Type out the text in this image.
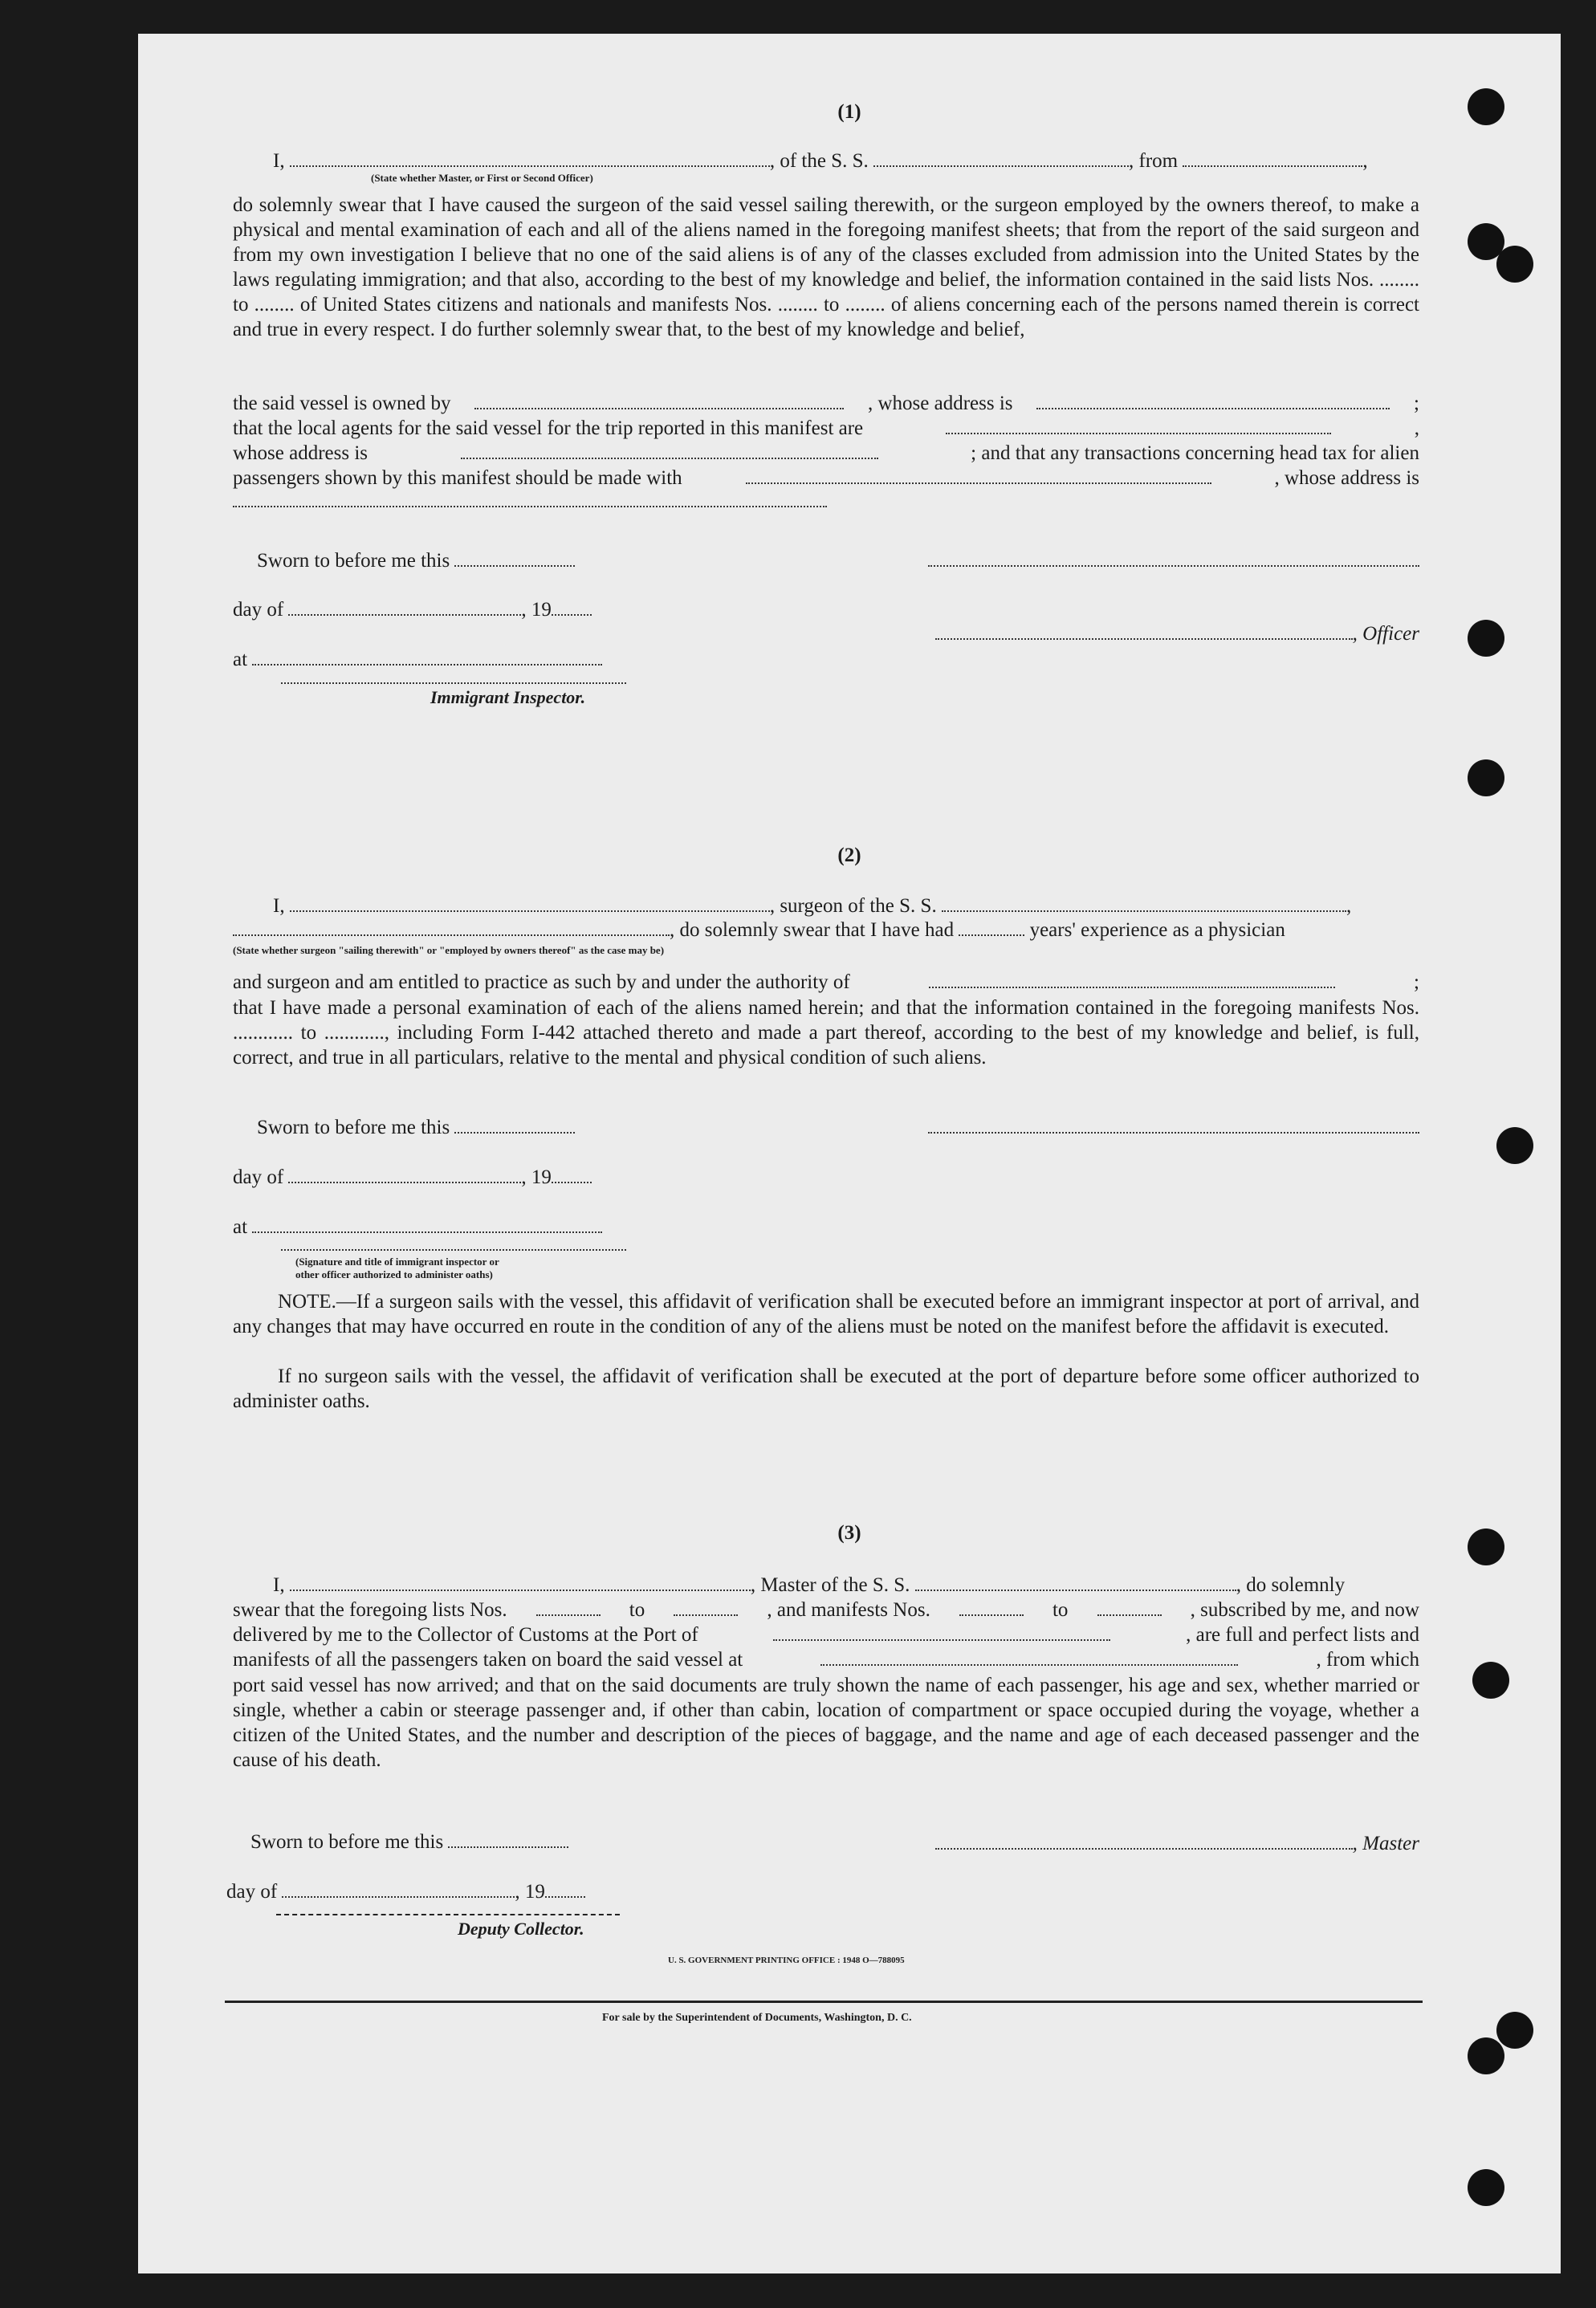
(1)
I,	, of the S. S.	, from	,
(State whether Master, or First or Second Officer)
do solemnly swear that I have caused the surgeon of the said vessel sailing therewith, or the surgeon employed by the owners thereof, to make a physical and mental examination of each and all of the aliens named in the foregoing manifest sheets; that from the report of the said surgeon and from my own investigation I believe that no one of the said aliens is of any of the classes excluded from admission into the United States by the laws regulating immigration; and that also, according to the best of my knowledge and belief, the information contained in the said lists Nos. ........ to ........ of United States citizens and nationals and manifests Nos. ........ to ........ of aliens concerning each of the persons named therein is correct and true in every respect. I do further solemnly swear that, to the best of my knowledge and belief,
the said vessel is owned by	, whose address is	;
that the local agents for the said vessel for the trip reported in this manifest are	,
whose address is	; and that any transactions concerning head tax for alien
passengers shown by this manifest should be made with	, whose address is
Sworn to before me this
day of	, 19
, Officer
at
Immigrant Inspector.
(2)
I,	, surgeon of the S. S.	,
, do solemnly swear that I have had	years' experience as a physician
(State whether surgeon "sailing therewith" or "employed by owners thereof" as the case may be)
and surgeon and am entitled to practice as such by and under the authority of	;
that I have made a personal examination of each of the aliens named herein; and that the information contained in the foregoing manifests Nos. ............ to ............, including Form I-442 attached thereto and made a part thereof, according to the best of my knowledge and belief, is full, correct, and true in all particulars, relative to the mental and physical condition of such aliens.
Sworn to before me this
day of	, 19
at
(Signature and title of immigrant inspector or
other officer authorized to administer oaths)
NOTE.—If a surgeon sails with the vessel, this affidavit of verification shall be executed before an immigrant inspector at port of arrival, and any changes that may have occurred en route in the condition of any of the aliens must be noted on the manifest before the affidavit is executed.
If no surgeon sails with the vessel, the affidavit of verification shall be executed at the port of departure before some officer authorized to administer oaths.
(3)
I,	, Master of the S. S.	, do solemnly
swear that the foregoing lists Nos.	to	, and manifests Nos.	to	, subscribed by me, and now
delivered by me to the Collector of Customs at the Port of	, are full and perfect lists and
manifests of all the passengers taken on board the said vessel at	, from which
port said vessel has now arrived; and that on the said documents are truly shown the name of each passenger, his age and sex, whether married or single, whether a cabin or steerage passenger and, if other than cabin, location of compartment or space occupied during the voyage, whether a citizen of the United States, and the number and description of the pieces of baggage, and the name and age of each deceased passenger and the cause of his death.
Sworn to before me this	, Master
day of	, 19
Deputy Collector.
U. S. GOVERNMENT PRINTING OFFICE : 1948 O—788095
For sale by the Superintendent of Documents, Washington, D. C.
